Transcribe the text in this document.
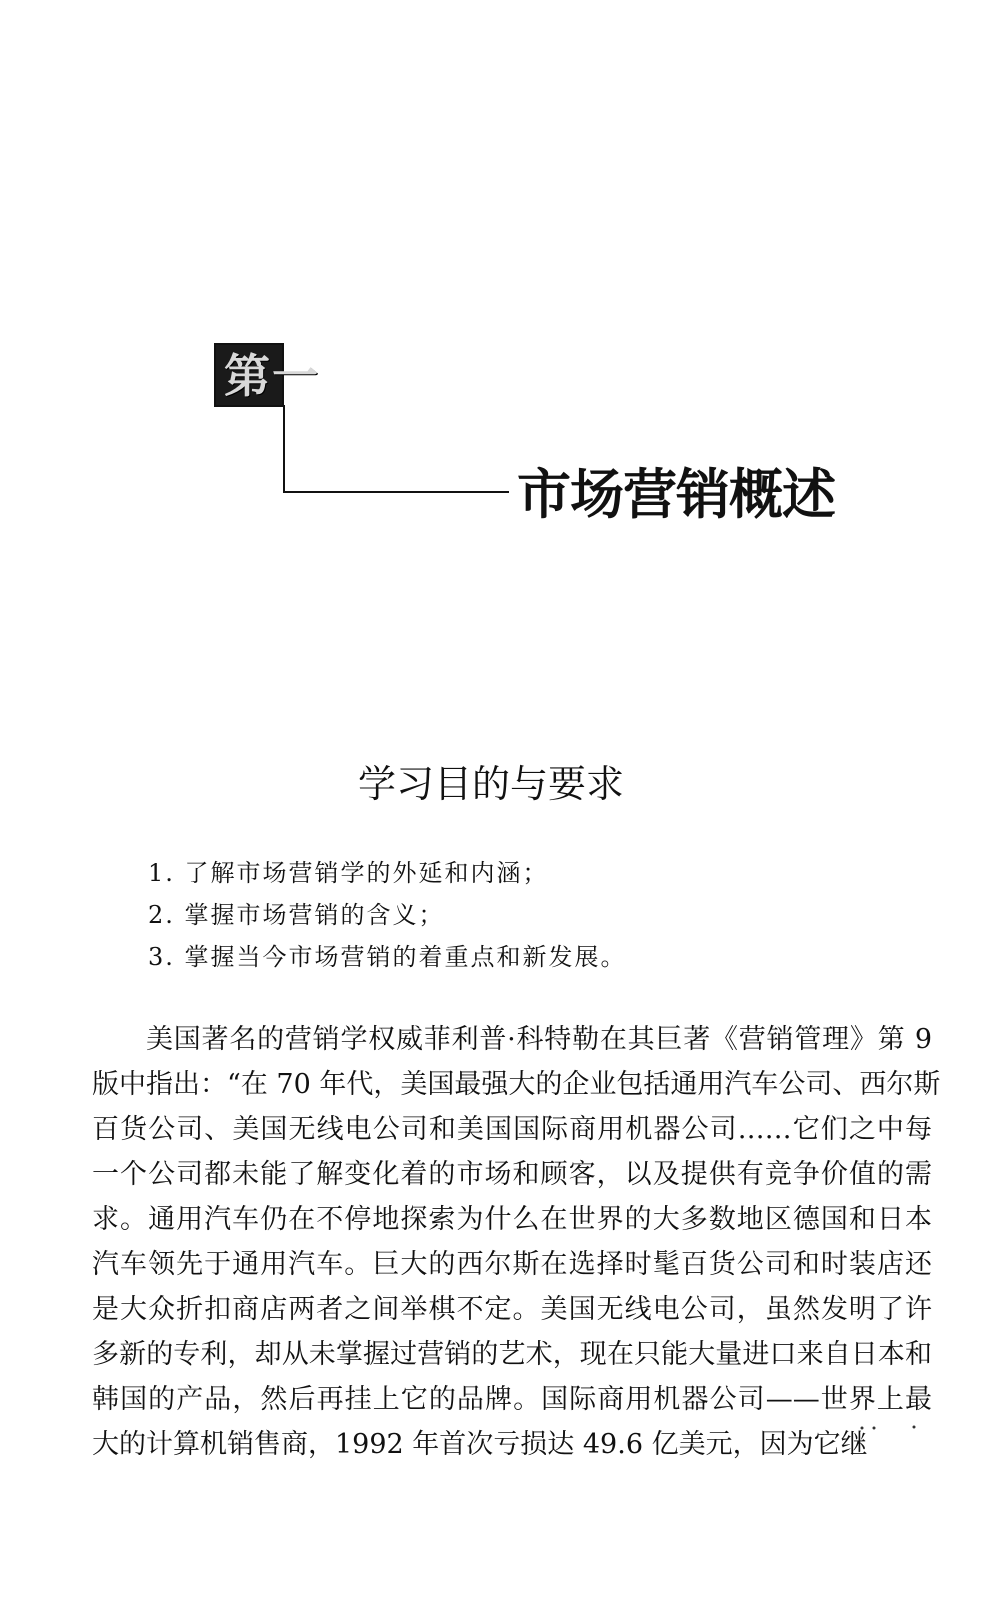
第一
市场营销概述
学习目的与要求
1. 了解市场营销学的外延和内涵；
2. 掌握市场营销的含义；
3. 掌握当今市场营销的着重点和新发展。
美国著名的营销学权威菲利普·科特勒在其巨著《营销管理》第 9
版中指出：“在 70 年代，美国最强大的企业包括通用汽车公司、西尔斯
百货公司、美国无线电公司和美国国际商用机器公司……它们之中每
一个公司都未能了解变化着的市场和顾客，以及提供有竞争价值的需
求。通用汽车仍在不停地探索为什么在世界的大多数地区德国和日本
汽车领先于通用汽车。巨大的西尔斯在选择时髦百货公司和时装店还
是大众折扣商店两者之间举棋不定。美国无线电公司，虽然发明了许
多新的专利，却从未掌握过营销的艺术，现在只能大量进口来自日本和
韩国的产品，然后再挂上它的品牌。国际商用机器公司——世界上最
大的计算机销售商，1992 年首次亏损达 49.6 亿美元，因为它继
